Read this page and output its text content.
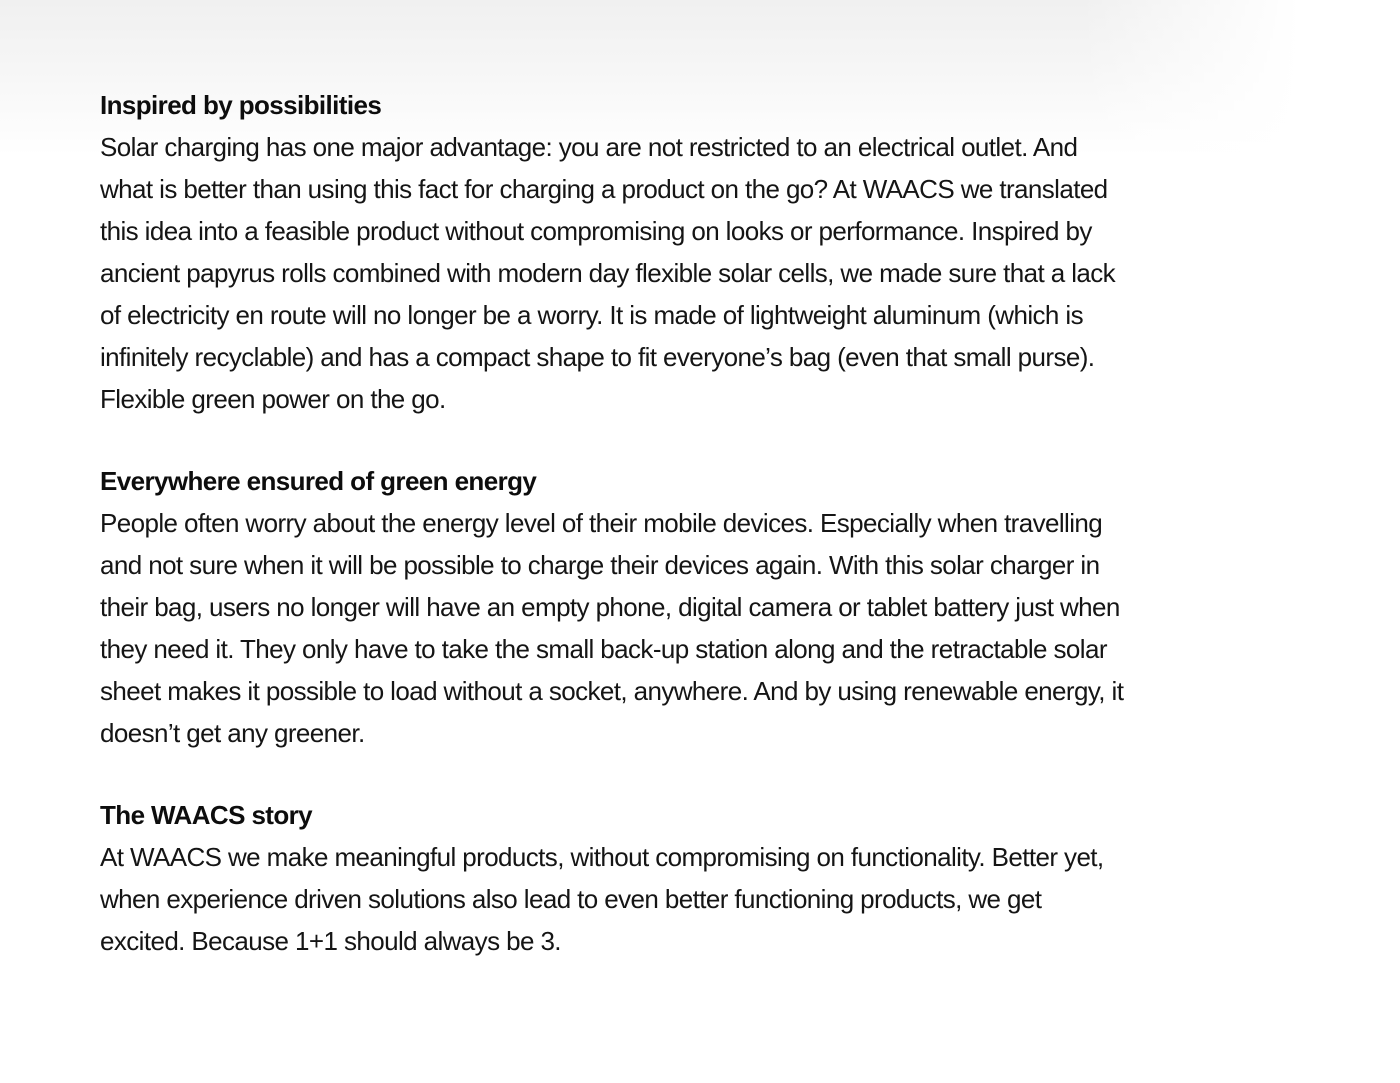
Inspired by possibilities

Solar charging has one major advantage: you are not restricted to an electrical outlet. And
what is better than using this fact for charging a product on the go? At WAACS we translated
this idea into a feasible product without compromising on looks or performance. Inspired by
ancient papyrus rolls combined with modern day flexible solar cells, we made sure that a lack
of electricity en route will no longer be a worry. It is made of lightweight aluminum (which is
infinitely recyclable) and has a compact shape to fit everyone’s bag (even that small purse).
Flexible green power on the go.

Everywhere ensured of green energy

People often worry about the energy level of their mobile devices. Especially when travelling
and not sure when it will be possible to charge their devices again. With this solar charger in
their bag, users no longer will have an empty phone, digital camera or tablet battery just when
they need it. They only have to take the small back-up station along and the retractable solar
sheet makes it possible to load without a socket, anywhere. And by using renewable energy, it
doesn’t get any greener.

The WAACS story

At WAACS we make meaningful products, without compromising on functionality. Better yet,
when experience driven solutions also lead to even better functioning products, we get
excited. Because 1+1 should always be 3.
